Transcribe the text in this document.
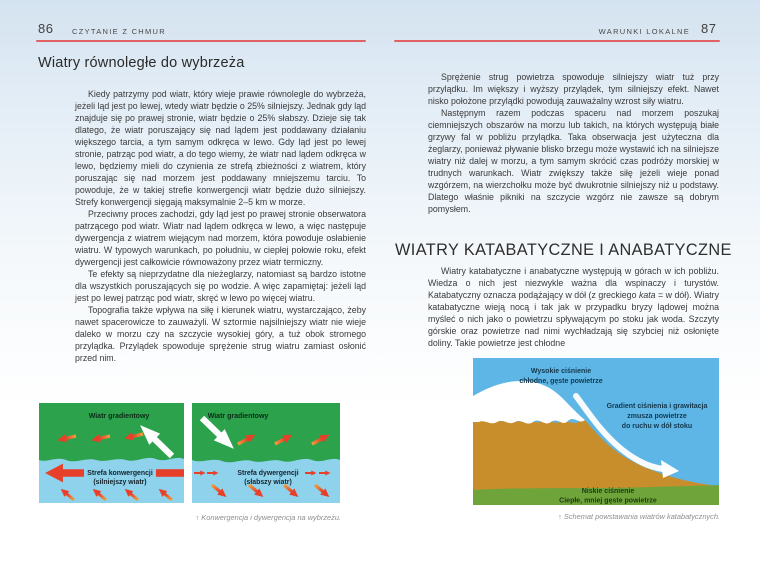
86 CZYTANIE Z CHMUR
Wiatry równoległe do wybrzeża

Kiedy patrzymy pod wiatr, który wieje prawie równolegle do wybrzeża, jeżeli ląd jest po lewej, wtedy wiatr będzie o 25% silniejszy. Jednak gdy ląd znajduje się po prawej stronie, wiatr będzie o 25% słabszy. Dzieje się tak dlatego, że wiatr poruszający się nad lądem jest poddawany działaniu większego tarcia, a tym samym odkręca w lewo. Gdy ląd jest po lewej stronie, patrząc pod wiatr, a do tego wiemy, że wiatr nad lądem odkręca w lewo, będziemy mieli do czynienia ze strefą zbieżności z wiatrem, który poruszając się nad morzem jest poddawany mniejszemu tarciu. To powoduje, że w takiej strefie konwergencji wiatr będzie dużo silniejszy. Strefy konwergencji sięgają maksymalnie 2–5 km w morze.

Przeciwny proces zachodzi, gdy ląd jest po prawej stronie obserwatora patrzącego pod wiatr. Wiatr nad lądem odkręca w lewo, a więc następuje dywergencja z wiatrem wiejącym nad morzem, która powoduje osłabienie wiatru. W typowych warunkach, po południu, w ciepłej połowie roku, efekt dywergencji jest całkowicie równoważony przez wiatr termiczny.

Te efekty są nieprzydatne dla nieżeglarzy, natomiast są bardzo istotne dla wszystkich poruszających się po wodzie. A więc zapamiętaj: jeżeli ląd jest po lewej patrząc pod wiatr, skręć w lewo po więcej wiatru.

Topografia także wpływa na siłę i kierunek wiatru, wystarczająco, żeby nawet spacerowicze to zauważyli. W sztormie najsilniejszy wiatr nie wieje daleko w morzu czy na szczycie wysokiej góry, a tuż obok stromego przylądka. Przylądek spowoduje sprężenie strug wiatru zamiast osłonić przed nim.

Wiatr gradientowy
Strefa konwergencji
(silniejszy wiatr)
Wiatr gradientowy
Strefa dywergencji
(słabszy wiatr)
↑ Konwergencja i dywergencja na wybrzeżu.
WARUNKI LOKALNE 87

Sprężenie strug powietrza spowoduje silniejszy wiatr tuż przy przylądku. Im większy i wyższy przylądek, tym silniejszy efekt. Nawet nisko położone przylądki powodują zauważalny wzrost siły wiatru.

Następnym razem podczas spaceru nad morzem poszukaj ciemniejszych obszarów na morzu lub takich, na których występują białe grzywy fal w pobliżu przylądka. Taka obserwacja jest użyteczna dla żeglarzy, ponieważ pływanie blisko brzegu może wystawić ich na silniejsze wiatry niż dalej w morzu, a tym samym skrócić czas podróży morskiej w trudnych warunkach. Wiatr zwiększy także siłę jeżeli wieje ponad wzgórzem, na wierzchołku może być dwukrotnie silniejszy niż u podstawy. Dlatego właśnie pikniki na szczycie wzgórz nie zawsze są dobrym pomysłem.

WIATRY KATABATYCZNE I ANABATYCZNE

Wiatry katabatyczne i anabatyczne występują w górach w ich pobliżu. Wiedza o nich jest niezwykle ważna dla wspinaczy i turystów. Katabatyczny oznacza podążający w dół (z greckiego kata = w dół). Wiatry katabatyczne wieją nocą i tak jak w przypadku bryzy lądowej można myśleć o nich jako o powietrzu spływającym po stoku jak woda. Szczyty górskie oraz powietrze nad nimi wychładzają się szybciej niż osłonięte doliny. Takie powietrze jest chłodne

Wysokie ciśnienie
chłodne, gęste powietrze
Gradient ciśnienia i grawitacja
zmusza powietrze
do ruchu w dół stoku
Niskie ciśnienie
Ciepłe, mniej gęste powietrze
↑ Schemat powstawania wiatrów katabatycznych.
